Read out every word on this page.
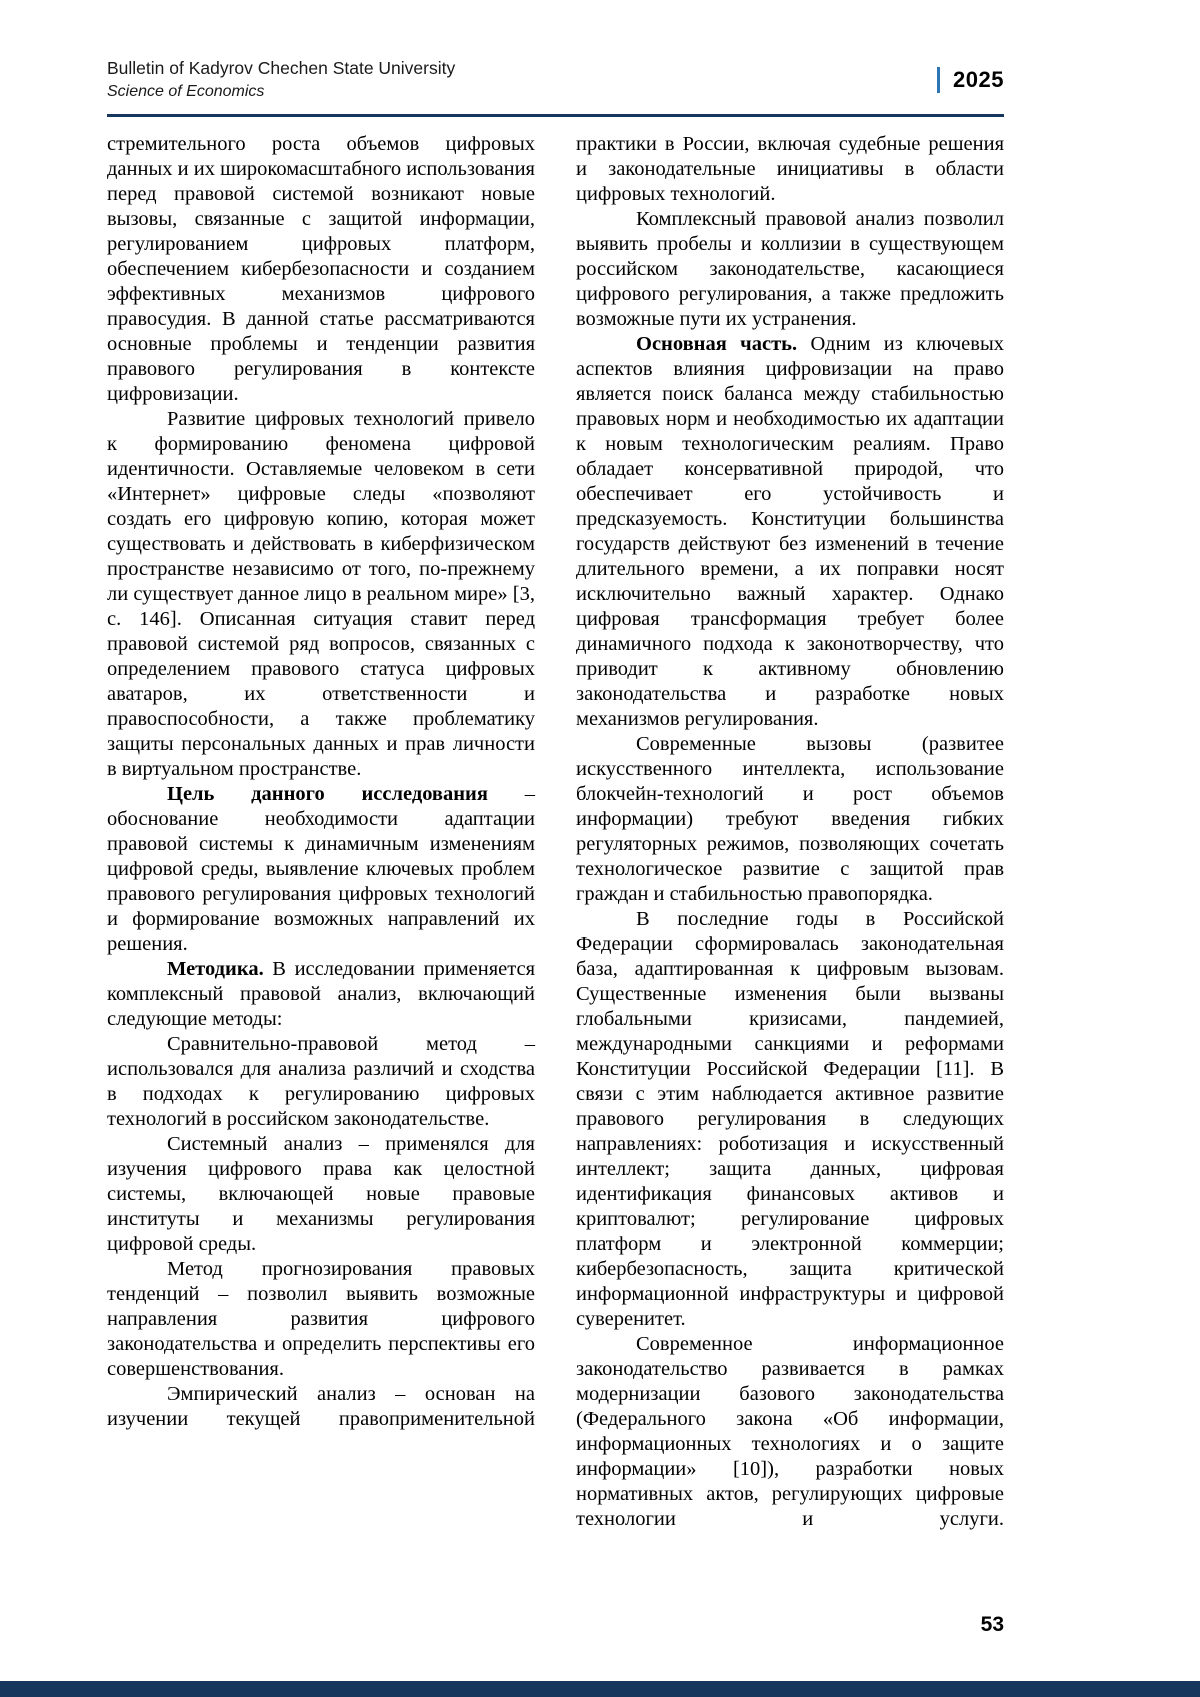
Bulletin of Kadyrov Chechen State University
Science of Economics	2025

стремительного роста объемов цифровых данных и их широкомасштабного использования перед правовой системой возникают новые вызовы, связанные с защитой информации, регулированием цифровых платформ, обеспечением кибербезопасности и созданием эффективных механизмов цифрового правосудия. В данной статье рассматриваются основные проблемы и тенденции развития правового регулирования в контексте цифровизации.

Развитие цифровых технологий привело к формированию феномена цифровой идентичности. Оставляемые человеком в сети «Интернет» цифровые следы «позволяют создать его цифровую копию, которая может существовать и действовать в киберфизическом пространстве независимо от того, по-прежнему ли существует данное лицо в реальном мире» [3, с. 146]. Описанная ситуация ставит перед правовой системой ряд вопросов, связанных с определением правового статуса цифровых аватаров, их ответственности и правоспособности, а также проблематику защиты персональных данных и прав личности в виртуальном пространстве.

Цель данного исследования – обоснование необходимости адаптации правовой системы к динамичным изменениям цифровой среды, выявление ключевых проблем правового регулирования цифровых технологий и формирование возможных направлений их решения.

Методика. В исследовании применяется комплексный правовой анализ, включающий следующие методы:

Сравнительно-правовой метод – использовался для анализа различий и сходства в подходах к регулированию цифровых технологий в российском законодательстве.

Системный анализ – применялся для изучения цифрового права как целостной системы, включающей новые правовые институты и механизмы регулирования цифровой среды.

Метод прогнозирования правовых тенденций – позволил выявить возможные направления развития цифрового законодательства и определить перспективы его совершенствования.

Эмпирический анализ – основан на изучении текущей правоприменительной

практики в России, включая судебные решения и законодательные инициативы в области цифровых технологий.

Комплексный правовой анализ позволил выявить пробелы и коллизии в существующем российском законодательстве, касающиеся цифрового регулирования, а также предложить возможные пути их устранения.

Основная часть. Одним из ключевых аспектов влияния цифровизации на право является поиск баланса между стабильностью правовых норм и необходимостью их адаптации к новым технологическим реалиям. Право обладает консервативной природой, что обеспечивает его устойчивость и предсказуемость. Конституции большинства государств действуют без изменений в течение длительного времени, а их поправки носят исключительно важный характер. Однако цифровая трансформация требует более динамичного подхода к законотворчеству, что приводит к активному обновлению законодательства и разработке новых механизмов регулирования.

Современные вызовы (развитее искусственного интеллекта, использование блокчейн-технологий и рост объемов информации) требуют введения гибких регуляторных режимов, позволяющих сочетать технологическое развитие с защитой прав граждан и стабильностью правопорядка.

В последние годы в Российской Федерации сформировалась законодательная база, адаптированная к цифровым вызовам. Существенные изменения были вызваны глобальными кризисами, пандемией, международными санкциями и реформами Конституции Российской Федерации [11]. В связи с этим наблюдается активное развитие правового регулирования в следующих направлениях: роботизация и искусственный интеллект; защита данных, цифровая идентификация финансовых активов и криптовалют; регулирование цифровых платформ и электронной коммерции; кибербезопасность, защита критической информационной инфраструктуры и цифровой суверенитет.

Современное информационное законодательство развивается в рамках модернизации базового законодательства (Федерального закона «Об информации, информационных технологиях и о защите информации» [10]), разработки новых нормативных актов, регулирующих цифровые технологии и услуги.

53
